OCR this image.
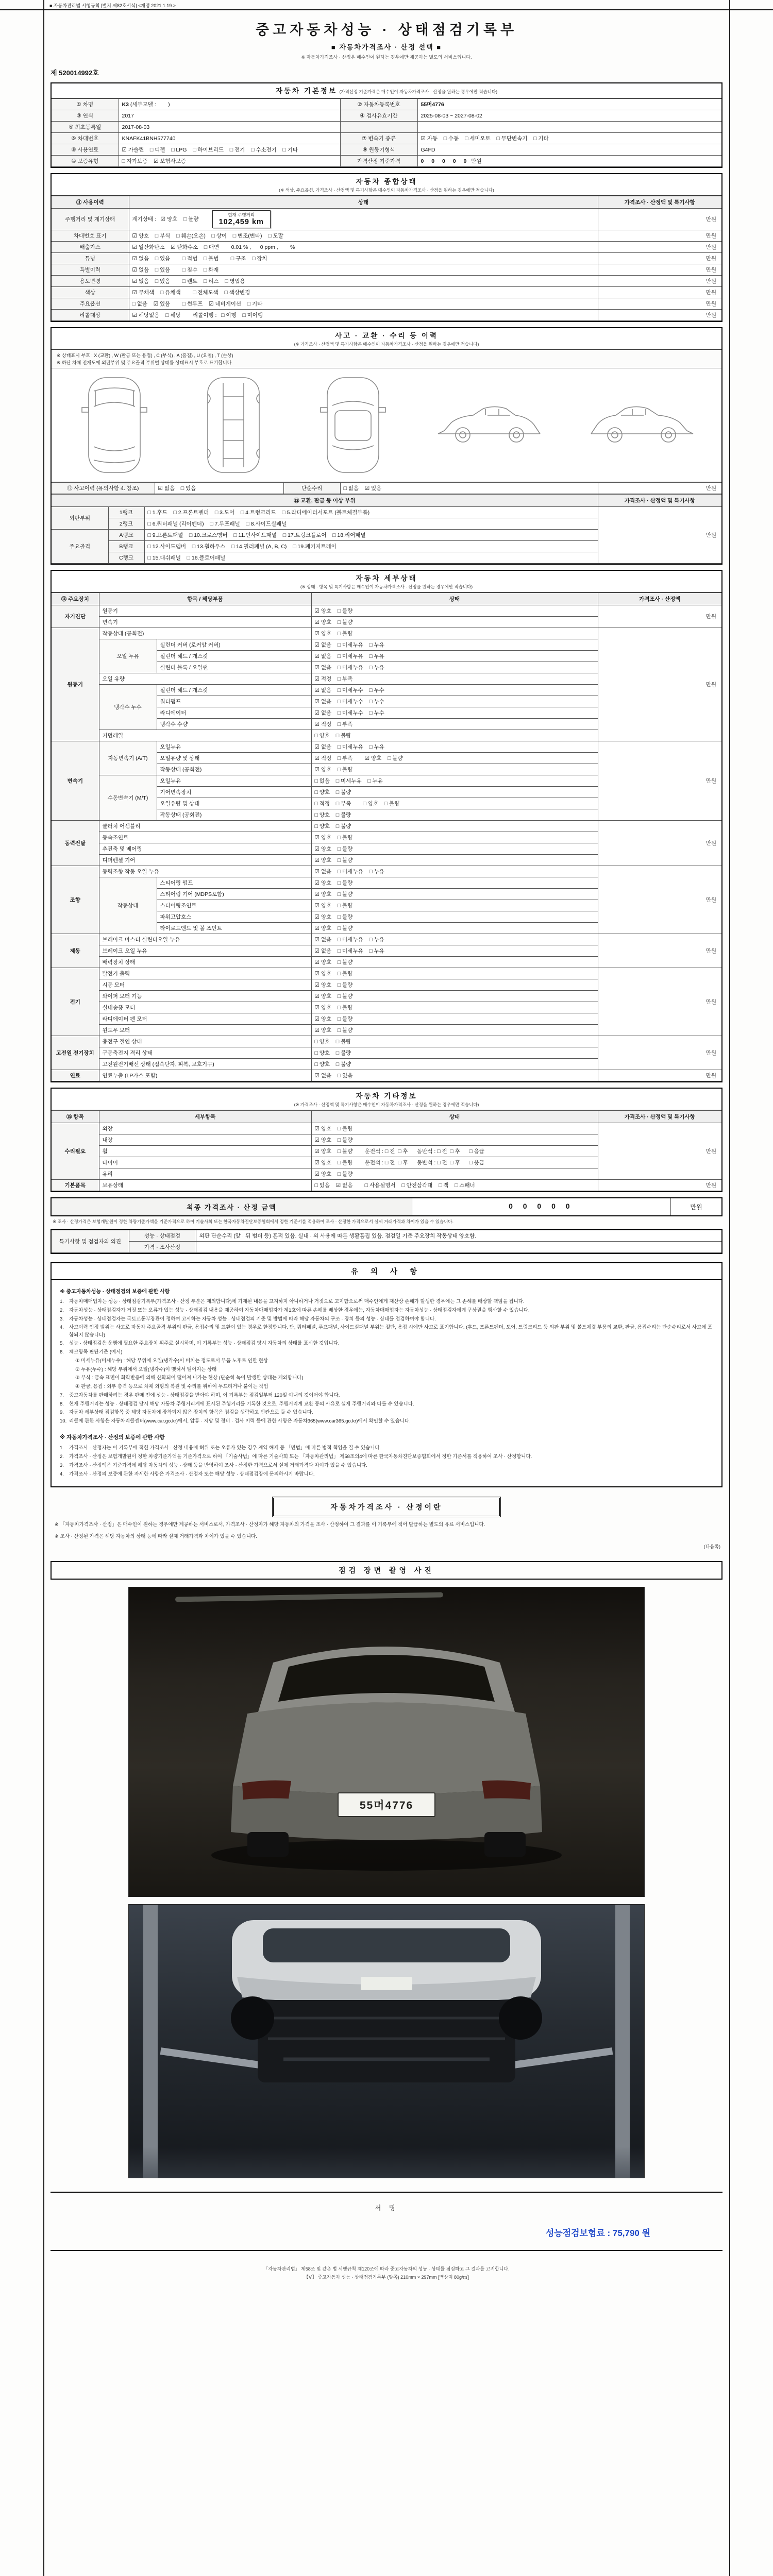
■ 자동차관리법 시행규칙 [별지 제82호서식] <개정 2021.1.19.>
중고자동차성능 · 상태점검기록부
■ 자동차가격조사 · 산정 선택 ■
※ 자동차가격조사 · 산정은 매수인이 원하는 경우에만 제공하는 별도의 서비스입니다.
제 520014992호
자동차 기본정보 (가격산정 기준가격은 매수인이 자동차가격조사 · 산정을 원하는 경우에만 적습니다)
① 차명	K3 (세부모델 :        )	② 자동차등록번호	55머4776
③ 연식	2017	④ 검사유효기간	2025-08-03 ~ 2027-08-02
⑤ 최초등록일	2017-08-03		
⑥ 차대번호	KNAFK41BNH577740	⑦ 변속기 종류	☑ 자동    □ 수동    □ 세미오토    □ 무단변속기    □ 기타
⑧ 사용연료	☑ 가솔린    □ 디젤    □ LPG    □ 하이브리드    □ 전기    □ 수소전기    □ 기타	⑨ 원동기형식	G4FD
⑩ 보증유형	□ 자가보증    ☑ 보험사보증	가격산정 기준가격	0 0 0 0 0 만원
자동차 종합상태
(※ 색상, 주요옵션, 가격조사 · 산정액 및 특기사항은 매수인이 자동차가격조사 · 산정을 원하는 경우에만 적습니다)
⑪ 사용이력	상태	가격조사 · 산정액 및 특기사항
주행거리 및 계기상태	계기상태 :   ☑ 양호    □ 불량
현재 주행거리
102,459 km	만원
차대번호 표기	☑ 양호    □ 부식    □ 훼손(오손)    □ 상이    □ 변조(변타)    □ 도말	만원
배출가스	☑ 일산화탄소    ☑ 탄화수소    □ 매연        0.01 % ,      0 ppm ,        %	만원
튜닝	☑ 없음    □ 있음        □ 적법    □ 불법        □ 구조    □ 장치	만원
특별이력	☑ 없음    □ 있음        □ 침수    □ 화재	만원
용도변경	☑ 없음    □ 있음        □ 렌트    □ 리스    □ 영업용	만원
색상	☑ 무채색    □ 유채색        □ 전체도색    □ 색상변경	만원
주요옵션	□ 없음    ☑ 있음        □ 썬루프    ☑ 네비게이션    □ 기타	만원
리콜대상	☑ 해당없음    □ 해당        리콜이행 :   □ 이행    □ 미이행	만원
사고 · 교환 · 수리 등 이력
(※ 가격조사 · 산정액 및 특기사항은 매수인이 자동차가격조사 · 산정을 원하는 경우에만 적습니다)
※ 상태표시 부호 : X (교환) , W (판금 또는 용접) , C (부식) , A (흠집) , U (요철) , T (손상)
※ 하단 차체 전개도에 외판부위 및 주요골격 부위별 상태를 상태표시 부호로 표기합니다.
⑫ 사고이력 (유의사항 4. 참조)	☑ 없음    □ 있음	단순수리	□ 없음    ☑ 있음	만원
⑬ 교환, 판금 등 이상 부위			가격조사 · 산정액 및 특기사항
외판부위	1랭크	□ 1.후드    □ 2.프론트펜더    □ 3.도어    □ 4.트렁크리드    □ 5.라디에이터서포트 (볼트체결부품)	만원
	2랭크	□ 6.쿼터패널 (리어펜더)    □ 7.루프패널    □ 8.사이드실패널	
주요골격	A랭크	□ 9.프론트패널    □ 10.크로스멤버    □ 11.인사이드패널    □ 17.트렁크플로어    □ 18.리어패널	
	B랭크	□ 12.사이드멤버    □ 13.휠하우스    □ 14.필러패널 (A, B, C)    □ 19.패키지트레이	
	C랭크	□ 15.대쉬패널    □ 16.플로어패널	
자동차 세부상태
(※ 상태 · 항목 및 특기사항은 매수인이 자동차가격조사 · 산정을 원하는 경우에만 적습니다)
⑭ 주요장치	항목 / 해당부품		상태	가격조사 · 산정액
자기진단	원동기		☑ 양호    □ 불량	만원
	변속기		☑ 양호    □ 불량	
원동기	작동상태 (공회전)		☑ 양호    □ 불량	만원
	오일 누유	실린더 커버 (로커암 커버)	☑ 없음    □ 미세누유    □ 누유	
		실린더 헤드 / 개스킷	☑ 없음    □ 미세누유    □ 누유	
		실린더 블록 / 오일팬	☑ 없음    □ 미세누유    □ 누유	
	오일 유량		☑ 적정    □ 부족	
	냉각수 누수	실린더 헤드 / 개스킷	☑ 없음    □ 미세누수    □ 누수	
		워터펌프	☑ 없음    □ 미세누수    □ 누수	
		라디에이터	☑ 없음    □ 미세누수    □ 누수	
		냉각수 수량	☑ 적정    □ 부족	
	커먼레일		□ 양호    □ 불량	
변속기	자동변속기 (A/T)	오일누유	☑ 없음    □ 미세누유    □ 누유	만원
		오일유량 및 상태	☑ 적정    □ 부족        ☑ 양호    □ 불량	
		작동상태 (공회전)	☑ 양호    □ 불량	
	수동변속기 (M/T)	오일누유	□ 없음    □ 미세누유    □ 누유	
		기어변속장치	□ 양호    □ 불량	
		오일유량 및 상태	□ 적정    □ 부족        □ 양호    □ 불량	
		작동상태 (공회전)	□ 양호    □ 불량	
동력전달	클러치 어셈블리		□ 양호    □ 불량	만원
	등속조인트		☑ 양호    □ 불량	
	추진축 및 베어링		☑ 양호    □ 불량	
	디퍼렌셜 기어		☑ 양호    □ 불량	
조향	동력조향 작동 오일 누유		☑ 없음    □ 미세누유    □ 누유	만원
	작동상태	스티어링 펌프	☑ 양호    □ 불량	
		스티어링 기어 (MDPS포함)	☑ 양호    □ 불량	
		스티어링조인트	☑ 양호    □ 불량	
		파워고압호스	☑ 양호    □ 불량	
		타이로드엔드 및 볼 조인트	☑ 양호    □ 불량	
제동	브레이크 마스터 실린더오일 누유		☑ 없음    □ 미세누유    □ 누유	만원
	브레이크 오일 누유		☑ 없음    □ 미세누유    □ 누유	
	배력장치 상태		☑ 양호    □ 불량	
전기	발전기 출력		☑ 양호    □ 불량	만원
	시동 모터		☑ 양호    □ 불량	
	와이퍼 모터 기능		☑ 양호    □ 불량	
	실내송풍 모터		☑ 양호    □ 불량	
	라디에이터 팬 모터		☑ 양호    □ 불량	
	윈도우 모터		☑ 양호    □ 불량	
고전원 전기장치	충전구 절연 상태		□ 양호    □ 불량	만원
	구동축전지 격리 상태		□ 양호    □ 불량	
	고전원전기배선 상태 (접속단자, 피복, 보호기구)		□ 양호    □ 불량	
연료	연료누출 (LP가스 포함)		☑ 없음    □ 있음	만원
자동차 기타정보
(※ 가격조사 · 산정액 및 특기사항은 매수인이 자동차가격조사 · 산정을 원하는 경우에만 적습니다)
⑮ 항목	세부항목	상태	가격조사 · 산정액 및 특기사항
수리필요	외장	☑ 양호    □ 불량	만원
	내장	☑ 양호    □ 불량	
	휠	☑ 양호    □ 불량        운전석 : □ 전  □ 후      동반석 : □ 전  □ 후      □ 응급	
	타이어	☑ 양호    □ 불량        운전석 : □ 전  □ 후      동반석 : □ 전  □ 후      □ 응급	
	유리	☑ 양호    □ 불량	
기본품목	보유상태	□ 있음    ☑ 없음        □ 사용설명서    □ 안전삼각대    □ 잭    □ 스패너	만원
최종 가격조사 · 산정 금액	0 0 0 0 0	만원
※ 조사 · 산정가격은 보험개발원이 정한 차량기준가액을 기준가격으로 하여 기술사회 또는 한국자동차진단보증협회에서 정한 기준서를 적용하여 조사 · 산정한 가격으로서 실제 거래가격과 차이가 있을 수 있습니다.
특기사항 및 점검자의 의견	성능 · 상태점검	외판 단순수리 (앞 · 뒤 범퍼 등) 흔적 있음. 실내 · 외 사용에 따른 생활흠집 있음. 점검일 기준 주요장치 작동상태 양호함.
	가격 · 조사산정	
유 의 사 항
※ 중고자동차성능 · 상태점검의 보증에 관한 사항
1.	자동차매매업자는 성능 · 상태점검기록부(가격조사 · 산정 부분은 제외합니다)에 기재된 내용을 고지하지 아니하거나 거짓으로 고지함으로써 매수인에게 재산상 손해가 발생한 경우에는 그 손해를 배상할 책임을 집니다.
2.	자동차성능 · 상태점검자가 거짓 또는 오류가 있는 성능 · 상태점검 내용을 제공하여 자동차매매업자가 제1호에 따른 손해를 배상한 경우에는, 자동차매매업자는 자동차성능 · 상태점검자에게 구상권을 행사할 수 있습니다.
3.	자동차성능 · 상태점검자는 국토교통부장관이 정하여 고시하는 자동차 성능 · 상태점검의 기준 및 방법에 따라 해당 자동차의 구조 · 장치 등의 성능 · 상태를 점검하여야 합니다.
4.	사고이력 인정 범위는 사고로 자동차 주요골격 부위의 판금, 용접수리 및 교환이 있는 경우로 한정합니다. 단, 쿼터패널, 루프패널, 사이드실패널 부위는 절단, 용접 시에만 사고로 표기합니다. (후드, 프론트펜더, 도어, 트렁크리드 등 외판 부위 및 볼트체결 부품의 교환, 판금, 용접수리는 단순수리로서 사고에 포함되지 않습니다)
5.	성능 · 상태점검은 운행에 필요한 주요장치 위주로 실시하며, 이 기록부는 성능 · 상태점검 당시 자동차의 상태를 표시한 것입니다.
6.	체크항목 판단기준 (예시)
① 미세누유(미세누수) : 해당 부위에 오일(냉각수)이 비치는 정도로서 부품 노후로 인한 현상
② 누유(누수) : 해당 부위에서 오일(냉각수)이 맺혀서 떨어지는 상태
③ 부식 : 금속 표면이 화학반응에 의해 산화되어 떨어져 나가는 현상 (단순히 녹이 발생한 상태는 제외합니다)
④ 판금, 용접 : 외부 충격 등으로 차체 외형의 복원 및 수리를 위하여 두드리거나 붙이는 작업
7.	중고자동차를 판매하려는 경우 판매 전에 성능 · 상태점검을 받아야 하며, 이 기록부는 점검일부터 120일 이내의 것이어야 합니다.
8.	현재 주행거리는 성능 · 상태점검 당시 해당 자동차 주행거리계에 표시된 주행거리를 기록한 것으로, 주행거리계 교환 등의 사유로 실제 주행거리와 다를 수 있습니다.
9.	자동차 세부상태 점검항목 중 해당 자동차에 장착되지 않은 장치의 항목은 점검을 생략하고 빈칸으로 둘 수 있습니다.
10. 리콜에 관한 사항은 자동차리콜센터(www.car.go.kr)에서, 압류 · 저당 및 정비 · 검사 이력 등에 관한 사항은 자동차365(www.car365.go.kr)에서 확인할 수 있습니다.
※ 자동차가격조사 · 산정의 보증에 관한 사항
1.	가격조사 · 산정자는 이 기록부에 적힌 가격조사 · 산정 내용에 허위 또는 오류가 있는 경우 계약 해제 등 「민법」에 따른 법적 책임을 질 수 있습니다.
2.	가격조사 · 산정은 보험개발원이 정한 차량기준가액을 기준가격으로 하여 「기술사법」에 따른 기술사회 또는 「자동차관리법」 제58조의4에 따른 한국자동차진단보증협회에서 정한 기준서를 적용하여 조사 · 산정합니다.
3.	가격조사 · 산정액은 기준가격에 해당 자동차의 성능 · 상태 등을 반영하여 조사 · 산정한 가격으로서 실제 거래가격과 차이가 있을 수 있습니다.
4.	가격조사 · 산정의 보증에 관한 자세한 사항은 가격조사 · 산정자 또는 해당 성능 · 상태점검장에 문의하시기 바랍니다.
자동차가격조사 · 산정이란
※ 「자동차가격조사 · 산정」은 매수인이 원하는 경우에만 제공하는 서비스로서, 가격조사 · 산정자가 해당 자동차의 가격을 조사 · 산정하여 그 결과를 이 기록부에 적어 발급하는 별도의 유료 서비스입니다.
※ 조사 · 산정된 가격은 해당 자동차의 상태 등에 따라 실제 거래가격과 차이가 있을 수 있습니다.
(다음쪽)
점검 장면 촬영 사진
55머4776
서 명
성능점검보험료 : 75,790 원
「자동차관리법」 제58조 및 같은 법 시행규칙 제120조에 따라 중고자동차의 성능 · 상태를 점검하고 그 결과를 고지합니다.
【Ⅴ】 중고자동차 성능 · 상태점검기록부 (앞쪽) 210mm × 297mm [백상지 80g/㎡]
